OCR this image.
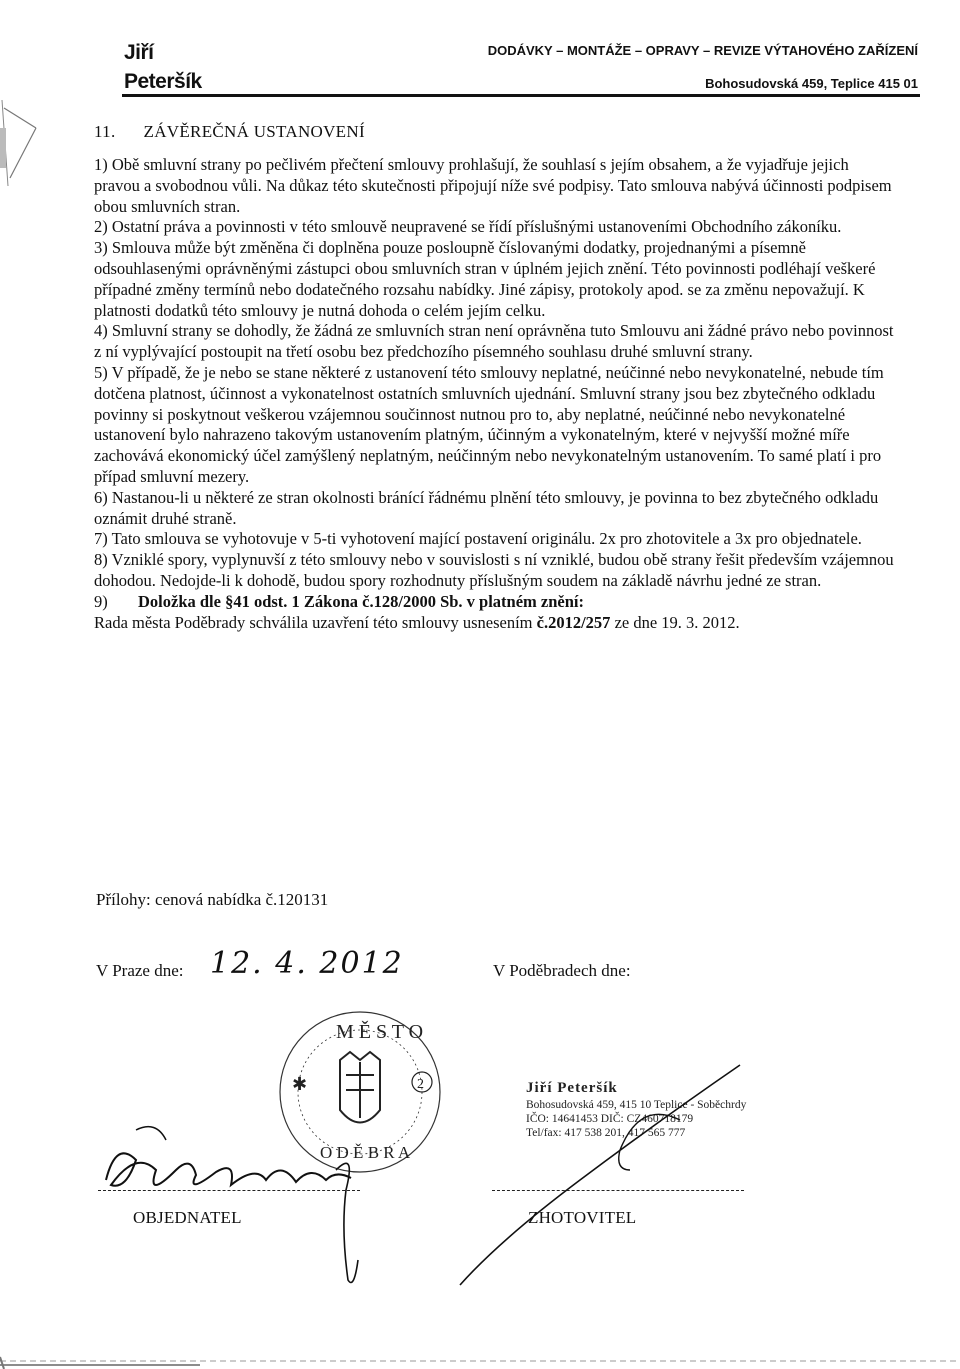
Jiří
Peteršík
DODÁVKY – MONTÁŽE – OPRAVY – REVIZE VÝTAHOVÉHO ZAŘÍZENÍ
Bohosudovská 459, Teplice 415 01
11. ZÁVĚREČNÁ USTANOVENÍ

1) Obě smluvní strany po pečlivém přečtení smlouvy prohlašují, že souhlasí s jejím obsahem, a že vyjadřuje jejich pravou a svobodnou vůli. Na důkaz této skutečnosti připojují níže své podpisy. Tato smlouva nabývá účinnosti podpisem obou smluvních stran.

2) Ostatní práva a povinnosti v této smlouvě neupravené se řídí příslušnými ustanoveními Obchodního zákoníku.

3) Smlouva může být změněna či doplněna pouze posloupně číslovanými dodatky, projednanými a písemně odsouhlasenými oprávněnými zástupci obou smluvních stran v úplném jejich znění. Této povinnosti podléhají veškeré případné změny termínů nebo dodatečného rozsahu nabídky. Jiné zápisy, protokoly apod. se za změnu nepovažují. K platnosti dodatků této smlouvy je nutná dohoda o celém jejím celku.

4) Smluvní strany se dohodly, že žádná ze smluvních stran není oprávněna tuto Smlouvu ani žádné právo nebo povinnost z ní vyplývající postoupit na třetí osobu bez předchozího písemného souhlasu druhé smluvní strany.

5) V případě, že je nebo se stane některé z ustanovení této smlouvy neplatné, neúčinné nebo nevykonatelné, nebude tím dotčena platnost, účinnost a vykonatelnost ostatních smluvních ujednání. Smluvní strany jsou bez zbytečného odkladu povinny si poskytnout veškerou vzájemnou součinnost nutnou pro to, aby neplatné, neúčinné nebo nevykonatelné ustanovení bylo nahrazeno takovým ustanovením platným, účinným a vykonatelným, které v nejvyšší možné míře zachovává ekonomický účel zamýšlený neplatným, neúčinným nebo nevykonatelným ustanovením. To samé platí i pro případ smluvní mezery.

6) Nastanou-li u některé ze stran okolnosti bránící řádnému plnění této smlouvy, je povinna to bez zbytečného odkladu oznámit druhé straně.

7) Tato smlouva se vyhotovuje v 5-ti vyhotovení mající postavení originálu. 2x pro zhotovitele a 3x pro objednatele.

8) Vzniklé spory, vyplynuvší z této smlouvy nebo v souvislosti s ní vzniklé, budou obě strany řešit především vzájemnou dohodou. Nedojde-li k dohodě, budou spory rozhodnuty příslušným soudem na základě návrhu jedné ze stran.

9) Doložka dle §41 odst. 1 Zákona č.128/2000 Sb. v platném znění:

Rada města Poděbrady schválila uzavření této smlouvy usnesením č.2012/257 ze dne 19. 3. 2012.

Přílohy: cenová nabídka č.120131
V Praze dne: 12. 4. 2012	V Poděbradech dne:
M Ě S T O
✱	2
O D Ě B R A
Jiří Peteršík
Bohosudovská 459, 415 10 Teplice - Soběchrdy
IČO: 14641453 DIČ: CZ460718179
Tel/fax: 417 538 201, 417 565 777
OBJEDNATEL	ZHOTOVITEL
